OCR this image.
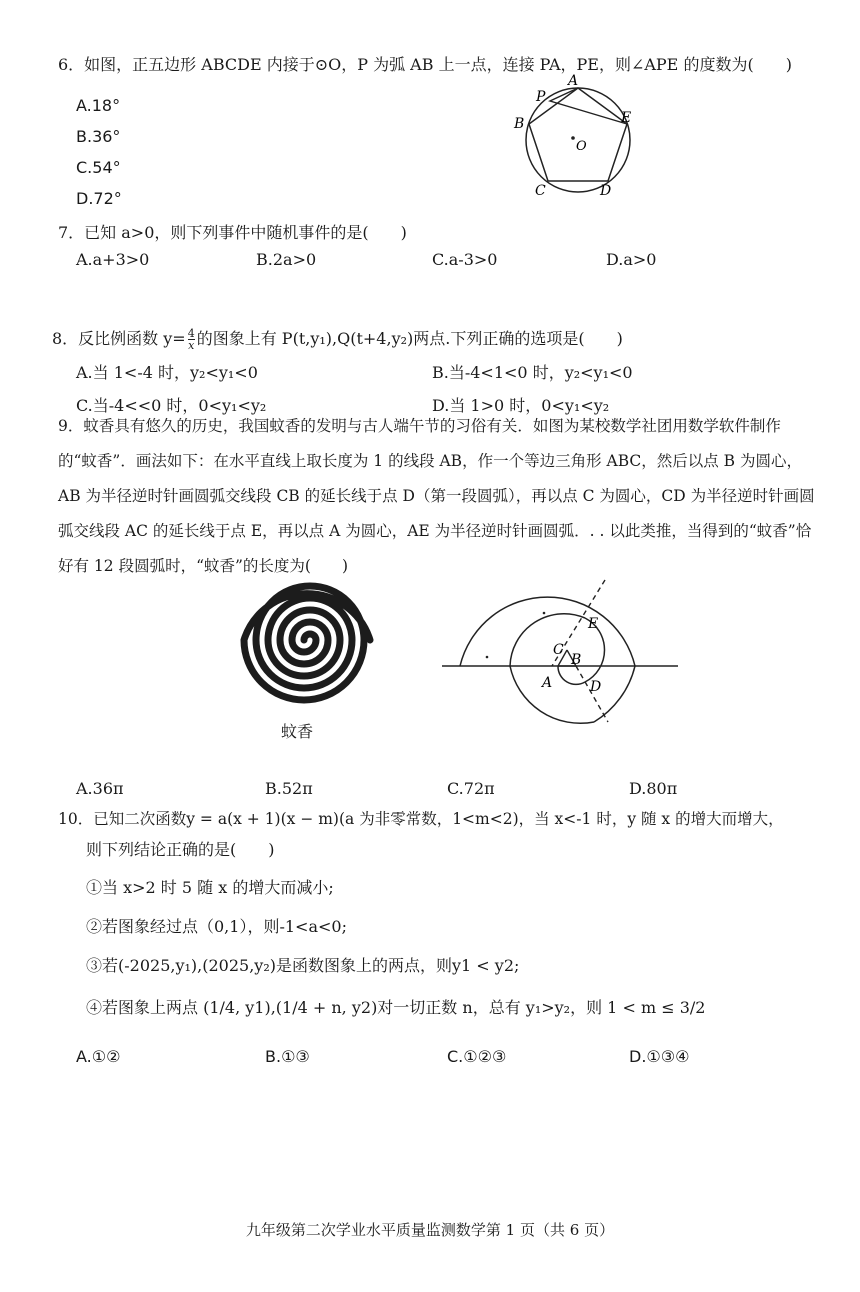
6．如图，正五边形 ABCDE 内接于⊙O，P 为弧 AB 上一点，连接 PA，PE，则∠APE 的度数为(　　)
A.18°
B.36°
C.54°
D.72°
P
A
B	E
O
C	D
7．已知 a>0，则下列事件中随机事件的是(　　)
A.a+3>0	B.2a>0	C.a-3>0	D.a>0
8．反比例函数 $y= \frac{4}{x}$ 的图象上有 P(t,y₁),Q(t+4,y₂)两点.下列正确的选项是(　　)
A.当 1<-4 时，y₂<y₁<0	B.当-4<1<0 时，y₂<y₁<0
C.当-4<<0 时，0<y₁<y₂	D.当 1>0 时，0<y₁<y₂
9．蚊香具有悠久的历史，我国蚊香的发明与古人端午节的习俗有关．如图为某校数学社团用数学软件制作的“蚊香”．画法如下：在水平直线上取长度为 1 的线段 AB，作一个等边三角形 ABC，然后以点 B 为圆心，AB 为半径逆时针画圆弧交线段 CB 的延长线于点 D（第一段圆弧），再以点 C 为圆心，CD 为半径逆时针画圆弧交线段 AC 的延长线于点 E，再以点 A 为圆心，AE 为半径逆时针画圆弧．. . 以此类推，当得到的“蚊香”恰好有 12 段圆弧时，“蚊香”的长度为(　　)
蚊香
E
C
B
A	D
A.36π	B.52π	C.72π	D.80π
10．已知二次函数y = a(x + 1)(x − m)(a 为非零常数，1<m<2)，当 x<-1 时，y 随 x 的增大而增大，
则下列结论正确的是(　　)
①当 x>2 时 5 随 x 的增大而减小;
②若图象经过点（0,1），则-1<a<0;
③若(-2025,y₁),(2025,y₂)是函数图象上的两点，则y1 < y2;
④若图象上两点 (1/4, y1),(1/4 + n, y2)对一切正数 n，总有 y₁>y₂，则 1 < m ≤ 3/2
A.①②	B.①③	C.①②③	D.①③④
九年级第二次学业水平质量监测数学第 1 页（共 6 页）
